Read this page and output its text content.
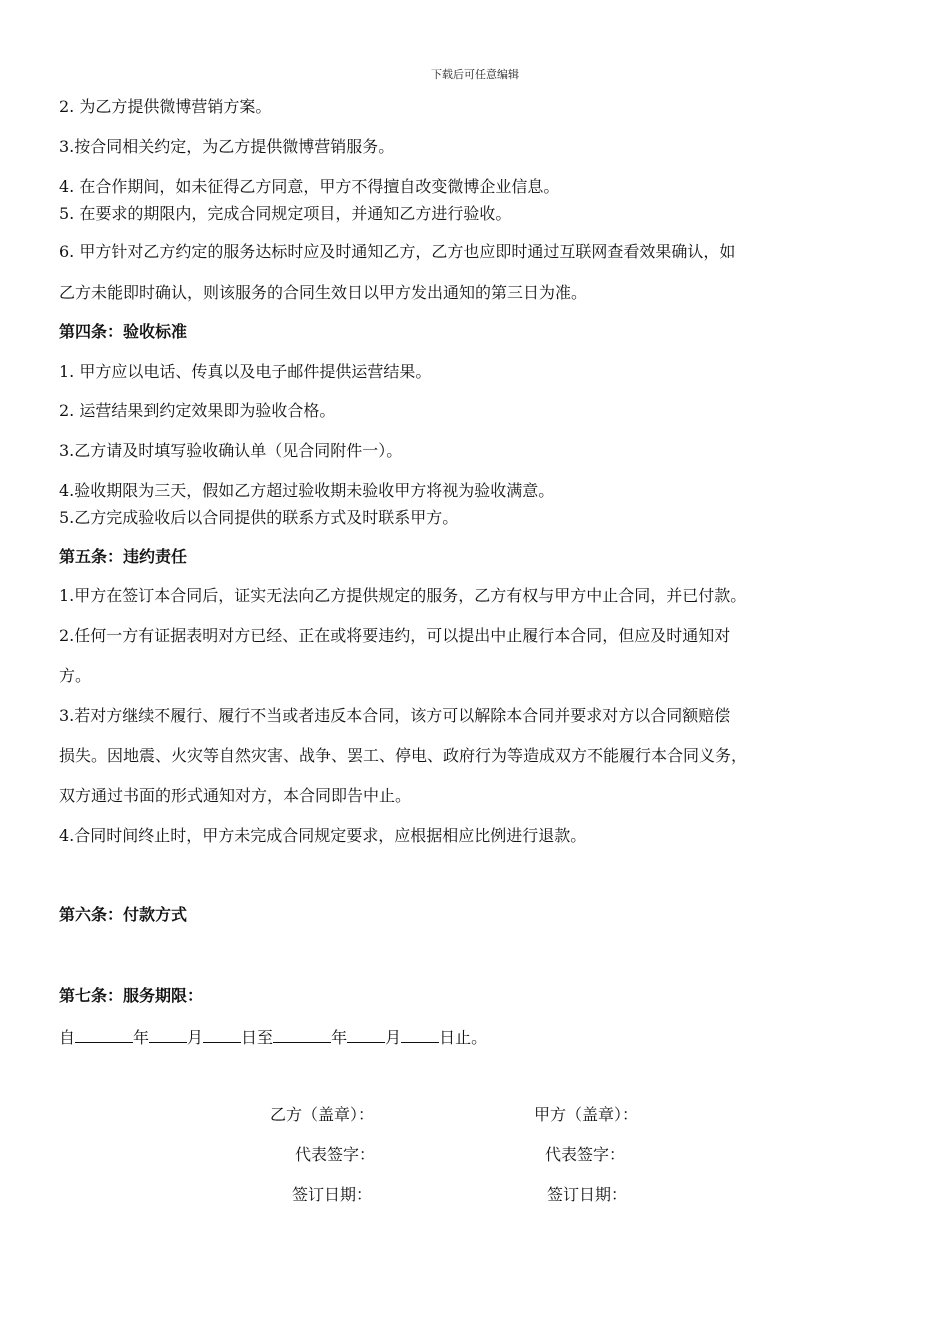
下载后可任意编辑
2. 为乙方提供微博营销方案。
3.按合同相关约定，为乙方提供微博营销服务。
4. 在合作期间，如未征得乙方同意，甲方不得擅自改变微博企业信息。
5. 在要求的期限内，完成合同规定项目，并通知乙方进行验收。
6. 甲方针对乙方约定的服务达标时应及时通知乙方，乙方也应即时通过互联网查看效果确认，如
乙方未能即时确认，则该服务的合同生效日以甲方发出通知的第三日为准。
第四条：验收标准
1. 甲方应以电话、传真以及电子邮件提供运营结果。
2. 运营结果到约定效果即为验收合格。
3.乙方请及时填写验收确认单（见合同附件一）。
4.验收期限为三天，假如乙方超过验收期未验收甲方将视为验收满意。
5.乙方完成验收后以合同提供的联系方式及时联系甲方。
第五条：违约责任
1.甲方在签订本合同后，证实无法向乙方提供规定的服务，乙方有权与甲方中止合同，并已付款。
2.任何一方有证据表明对方已经、正在或将要违约，可以提出中止履行本合同，但应及时通知对
方。
3.若对方继续不履行、履行不当或者违反本合同，该方可以解除本合同并要求对方以合同额赔偿
损失。因地震、火灾等自然灾害、战争、罢工、停电、政府行为等造成双方不能履行本合同义务，
双方通过书面的形式通知对方，本合同即告中止。
4.合同时间终止时，甲方未完成合同规定要求，应根据相应比例进行退款。
第六条：付款方式
第七条：服务期限：
自	年 月 日至	年 月 日止。
乙方（盖章）：	甲方（盖章）：
代表签字：	代表签字：
签订日期：	签订日期：
